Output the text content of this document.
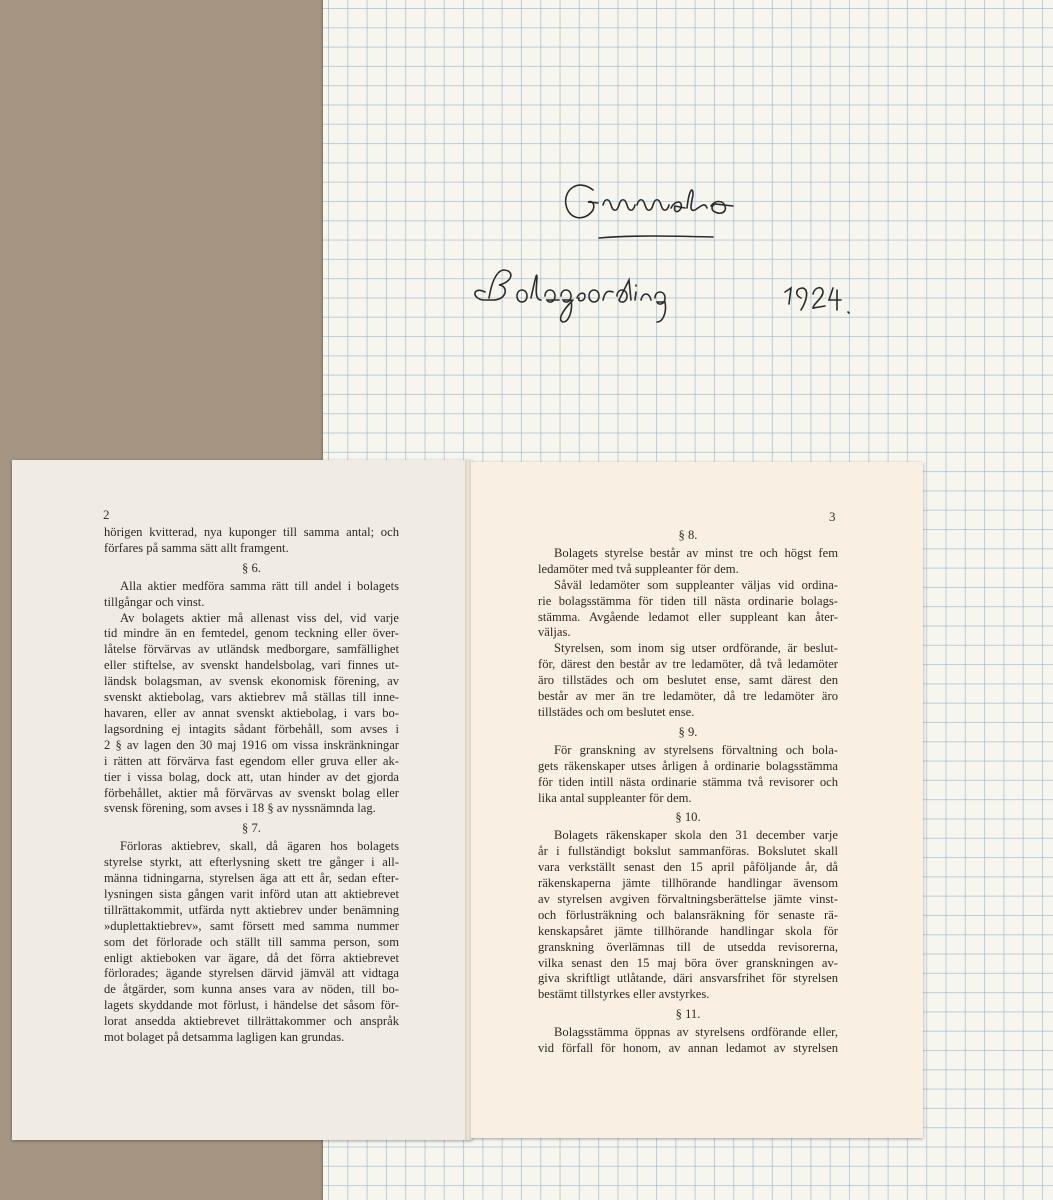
2
hörigen kvitterad, nya kuponger till samma antal; och
förfares på samma sätt allt framgent.
§ 6.
Alla aktier medföra samma rätt till andel i bolagets
tillgångar och vinst.
Av bolagets aktier må allenast viss del, vid varje
tid mindre än en femtedel, genom teckning eller över-
låtelse förvärvas av utländsk medborgare, samfällighet
eller stiftelse, av svenskt handelsbolag, vari finnes ut-
ländsk bolagsman, av svensk ekonomisk förening, av
svenskt aktiebolag, vars aktiebrev må ställas till inne-
havaren, eller av annat svenskt aktiebolag, i vars bo-
lagsordning ej intagits sådant förbehåll, som avses i
2 § av lagen den 30 maj 1916 om vissa inskränkningar
i rätten att förvärva fast egendom eller gruva eller ak-
tier i vissa bolag, dock att, utan hinder av det gjorda
förbehållet, aktier må förvärvas av svenskt bolag eller
svensk förening, som avses i 18 § av nyssnämnda lag.
§ 7.
Förloras aktiebrev, skall, då ägaren hos bolagets
styrelse styrkt, att efterlysning skett tre gånger i all-
männa tidningarna, styrelsen äga att ett år, sedan efter-
lysningen sista gången varit införd utan att aktiebrevet
tillrättakommit, utfärda nytt aktiebrev under benämning
»duplettaktiebrev», samt försett med samma nummer
som det förlorade och ställt till samma person, som
enligt aktieboken var ägare, då det förra aktiebrevet
förlorades; ägande styrelsen därvid jämväl att vidtaga
de åtgärder, som kunna anses vara av nöden, till bo-
lagets skyddande mot förlust, i händelse det såsom för-
lorat ansedda aktiebrevet tillrättakommer och anspråk
mot bolaget på detsamma lagligen kan grundas.
3
§ 8.
Bolagets styrelse består av minst tre och högst fem
ledamöter med två suppleanter för dem.
Såväl ledamöter som suppleanter väljas vid ordina-
rie bolagsstämma för tiden till nästa ordinarie bolags-
stämma. Avgående ledamot eller suppleant kan åter-
väljas.
Styrelsen, som inom sig utser ordförande, är beslut-
för, därest den består av tre ledamöter, då två ledamöter
äro tillstädes och om beslutet ense, samt därest den
består av mer än tre ledamöter, då tre ledamöter äro
tillstädes och om beslutet ense.
§ 9.
För granskning av styrelsens förvaltning och bola-
gets räkenskaper utses årligen å ordinarie bolagsstämma
för tiden intill nästa ordinarie stämma två revisorer och
lika antal suppleanter för dem.
§ 10.
Bolagets räkenskaper skola den 31 december varje
år i fullständigt bokslut sammanföras. Bokslutet skall
vara verkställt senast den 15 april påföljande år, då
räkenskaperna jämte tillhörande handlingar ävensom
av styrelsen avgiven förvaltningsberättelse jämte vinst-
och förlusträkning och balansräkning för senaste rä-
kenskapsåret jämte tillhörande handlingar skola för
granskning överlämnas till de utsedda revisorerna,
vilka senast den 15 maj böra över granskningen av-
giva skriftligt utlåtande, däri ansvarsfrihet för styrelsen
bestämt tillstyrkes eller avstyrkes.
§ 11.
Bolagsstämma öppnas av styrelsens ordförande eller,
vid förfall för honom, av annan ledamot av styrelsen
